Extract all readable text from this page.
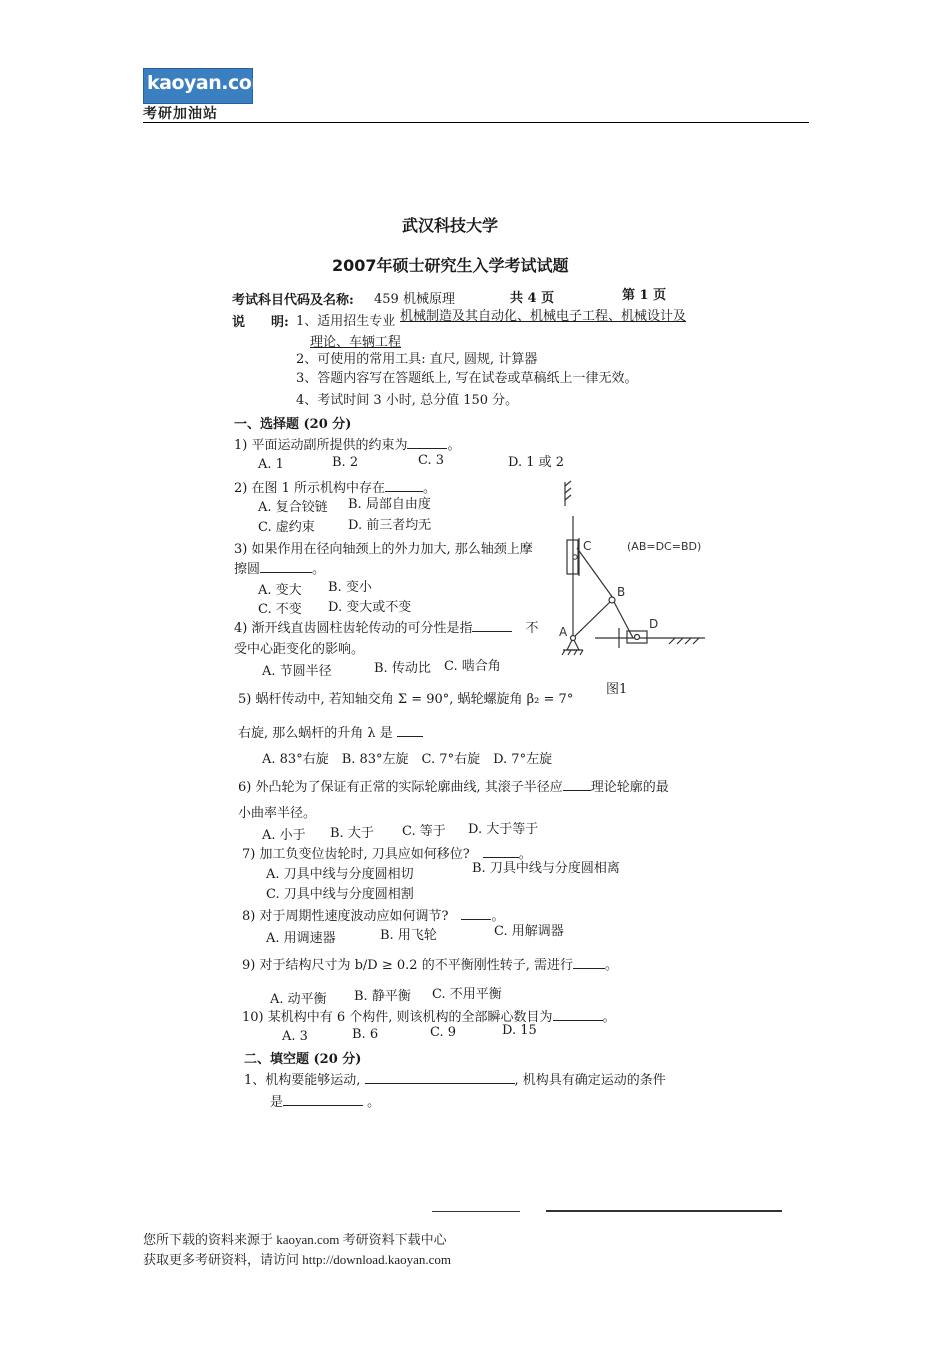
kaoyan.com
考研加油站
武汉科技大学
2007年硕士研究生入学考试试题
考试科目代码及名称: 459 机械原理	共 4 页	第 1 页
说　　明: 1、适用招生专业 机械制造及其自动化、机械电子工程、机械设计及
理论、车辆工程
2、可使用的常用工具: 直尺, 圆规, 计算器
3、答题内容写在答题纸上, 写在试卷或草稿纸上一律无效。
4、考试时间 3 小时, 总分值 150 分。
一、选择题 (20 分)
1) 平面运动副所提供的约束为	。
A. 1	B. 2	C. 3	D. 1 或 2
2) 在图 1 所示机构中存在	。
A. 复合铰链 B. 局部自由度
C. 虚约束	D. 前三者均无
3) 如果作用在径向轴颈上的外力加大, 那么轴颈上摩
擦圆	。
A. 变大 B. 变小
C. 不变 D. 变大或不变
4) 渐开线直齿圆柱齿轮传动的可分性是指　	不
受中心距变化的影响。
A. 节圆半径	B. 传动比 C. 啮合角
5) 蜗杆传动中, 若知轴交角 Σ = 90°, 蜗轮螺旋角 β₂ = 7°
右旋, 那么蜗杆的升角 λ 是
A. 83°右旋　B. 83°左旋　C. 7°右旋　D. 7°左旋
6) 外凸轮为了保证有正常的实际轮廓曲线, 其滚子半径应 理论轮廓的最
小曲率半径。
A. 小于 B. 大于 C. 等于 D. 大于等于
7) 加工负变位齿轮时, 刀具应如何移位?　	。
A. 刀具中线与分度圆相切	B. 刀具中线与分度圆相离
C. 刀具中线与分度圆相割
8) 对于周期性速度波动应如何调节?　	。
A. 用调速器	B. 用飞轮	C. 用解调器
9) 对于结构尺寸为 b/D ≥ 0.2 的不平衡刚性转子, 需进行 。
A. 动平衡 B. 静平衡 C. 不用平衡
10) 某机构中有 6 个构件, 则该机构的全部瞬心数目为	。
A. 3	B. 6	C. 9	D. 15
二、填空题 (20 分)
1、机构要能够运动,	, 机构具有确定运动的条件
是	。
C
B
A
D
(AB=DC=BD)
图1
您所下载的资料来源于 kaoyan.com 考研资料下载中心
获取更多考研资料，请访问 http://download.kaoyan.com
